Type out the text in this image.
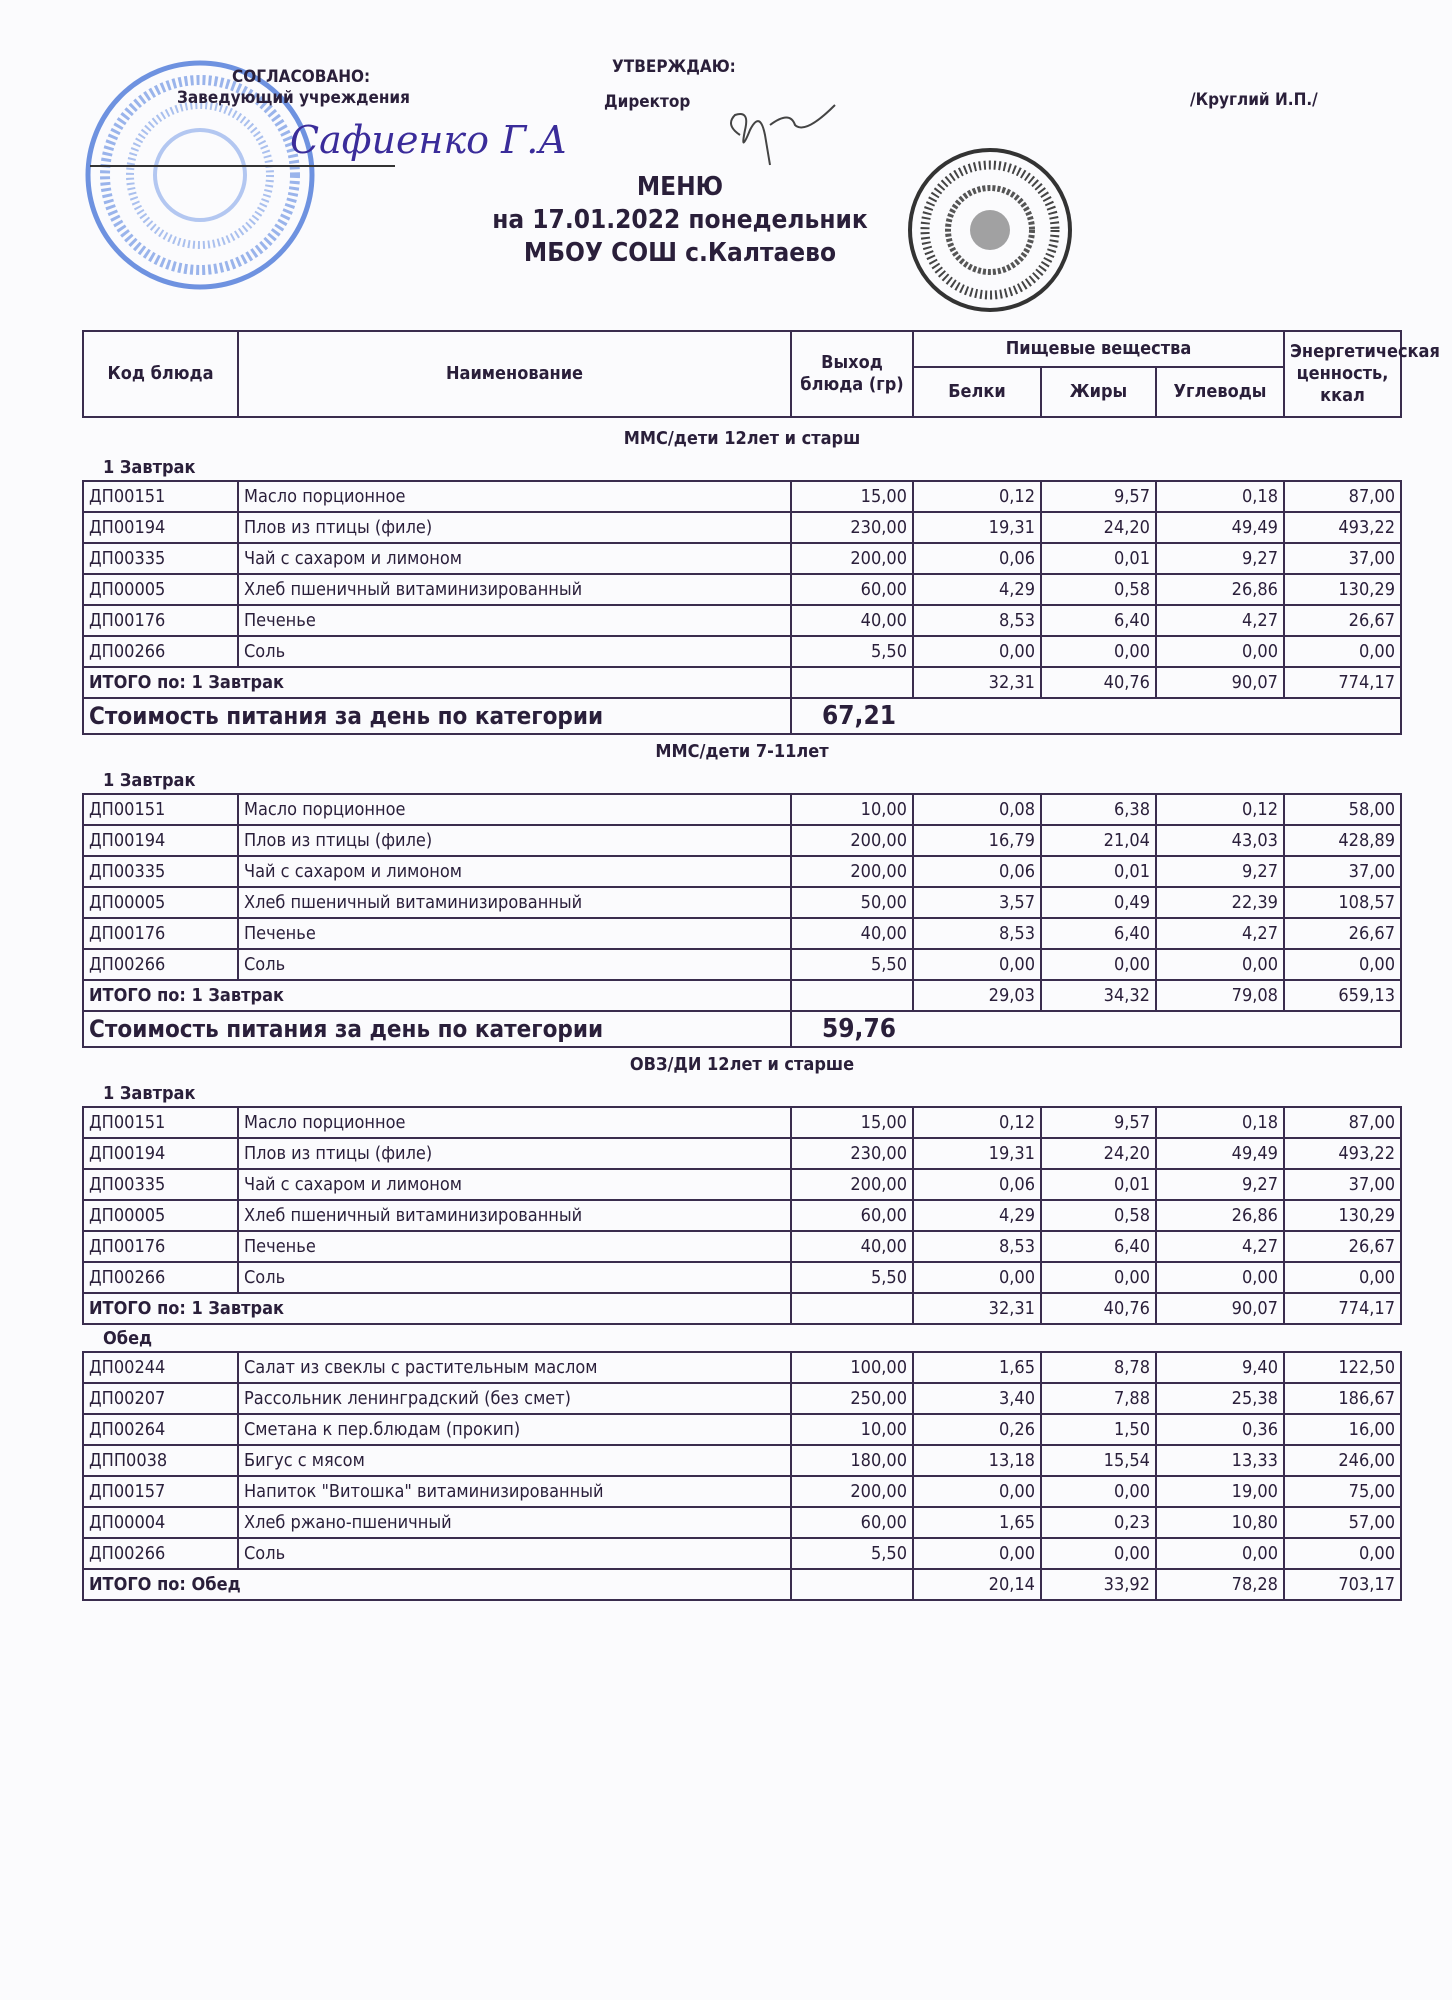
СОГЛАСОВАНО:
Заведующий учреждения
УТВЕРЖДАЮ:
Директор	/Круглий И.П./
Сафиенко Г.А
МЕНЮ
на 17.01.2022 понедельник
МБОУ СОШ с.Калтаево
Код блюда	Наименование	Выход блюда (гр)	Пищевые вещества			Энергетическая ценность, ккал
			Белки	Жиры	Углеводы	
ММС/дети 12лет и старш						
1 Завтрак						
ДП00151	Масло порционное	15,00	0,12	9,57	0,18	87,00
ДП00194	Плов из птицы (филе)	230,00	19,31	24,20	49,49	493,22
ДП00335	Чай с сахаром и лимоном	200,00	0,06	0,01	9,27	37,00
ДП00005	Хлеб пшеничный витаминизированный	60,00	4,29	0,58	26,86	130,29
ДП00176	Печенье	40,00	8,53	6,40	4,27	26,67
ДП00266	Соль	5,50	0,00	0,00	0,00	0,00
ИТОГО по: 1 Завтрак			32,31	40,76	90,07	774,17
Стоимость питания за день по категории		67,21				
ММС/дети 7-11лет						
1 Завтрак						
ДП00151	Масло порционное	10,00	0,08	6,38	0,12	58,00
ДП00194	Плов из птицы (филе)	200,00	16,79	21,04	43,03	428,89
ДП00335	Чай с сахаром и лимоном	200,00	0,06	0,01	9,27	37,00
ДП00005	Хлеб пшеничный витаминизированный	50,00	3,57	0,49	22,39	108,57
ДП00176	Печенье	40,00	8,53	6,40	4,27	26,67
ДП00266	Соль	5,50	0,00	0,00	0,00	0,00
ИТОГО по: 1 Завтрак			29,03	34,32	79,08	659,13
Стоимость питания за день по категории		59,76				
ОВЗ/ДИ 12лет и старше						
1 Завтрак						
ДП00151	Масло порционное	15,00	0,12	9,57	0,18	87,00
ДП00194	Плов из птицы (филе)	230,00	19,31	24,20	49,49	493,22
ДП00335	Чай с сахаром и лимоном	200,00	0,06	0,01	9,27	37,00
ДП00005	Хлеб пшеничный витаминизированный	60,00	4,29	0,58	26,86	130,29
ДП00176	Печенье	40,00	8,53	6,40	4,27	26,67
ДП00266	Соль	5,50	0,00	0,00	0,00	0,00
ИТОГО по: 1 Завтрак			32,31	40,76	90,07	774,17
Обед						
ДП00244	Салат из свеклы с растительным маслом	100,00	1,65	8,78	9,40	122,50
ДП00207	Рассольник ленинградский (без смет)	250,00	3,40	7,88	25,38	186,67
ДП00264	Сметана к пер.блюдам (прокип)	10,00	0,26	1,50	0,36	16,00
ДПП0038	Бигус с мясом	180,00	13,18	15,54	13,33	246,00
ДП00157	Напиток "Витошка" витаминизированный	200,00	0,00	0,00	19,00	75,00
ДП00004	Хлеб ржано-пшеничный	60,00	1,65	0,23	10,80	57,00
ДП00266	Соль	5,50	0,00	0,00	0,00	0,00
ИТОГО по: Обед			20,14	33,92	78,28	703,17
